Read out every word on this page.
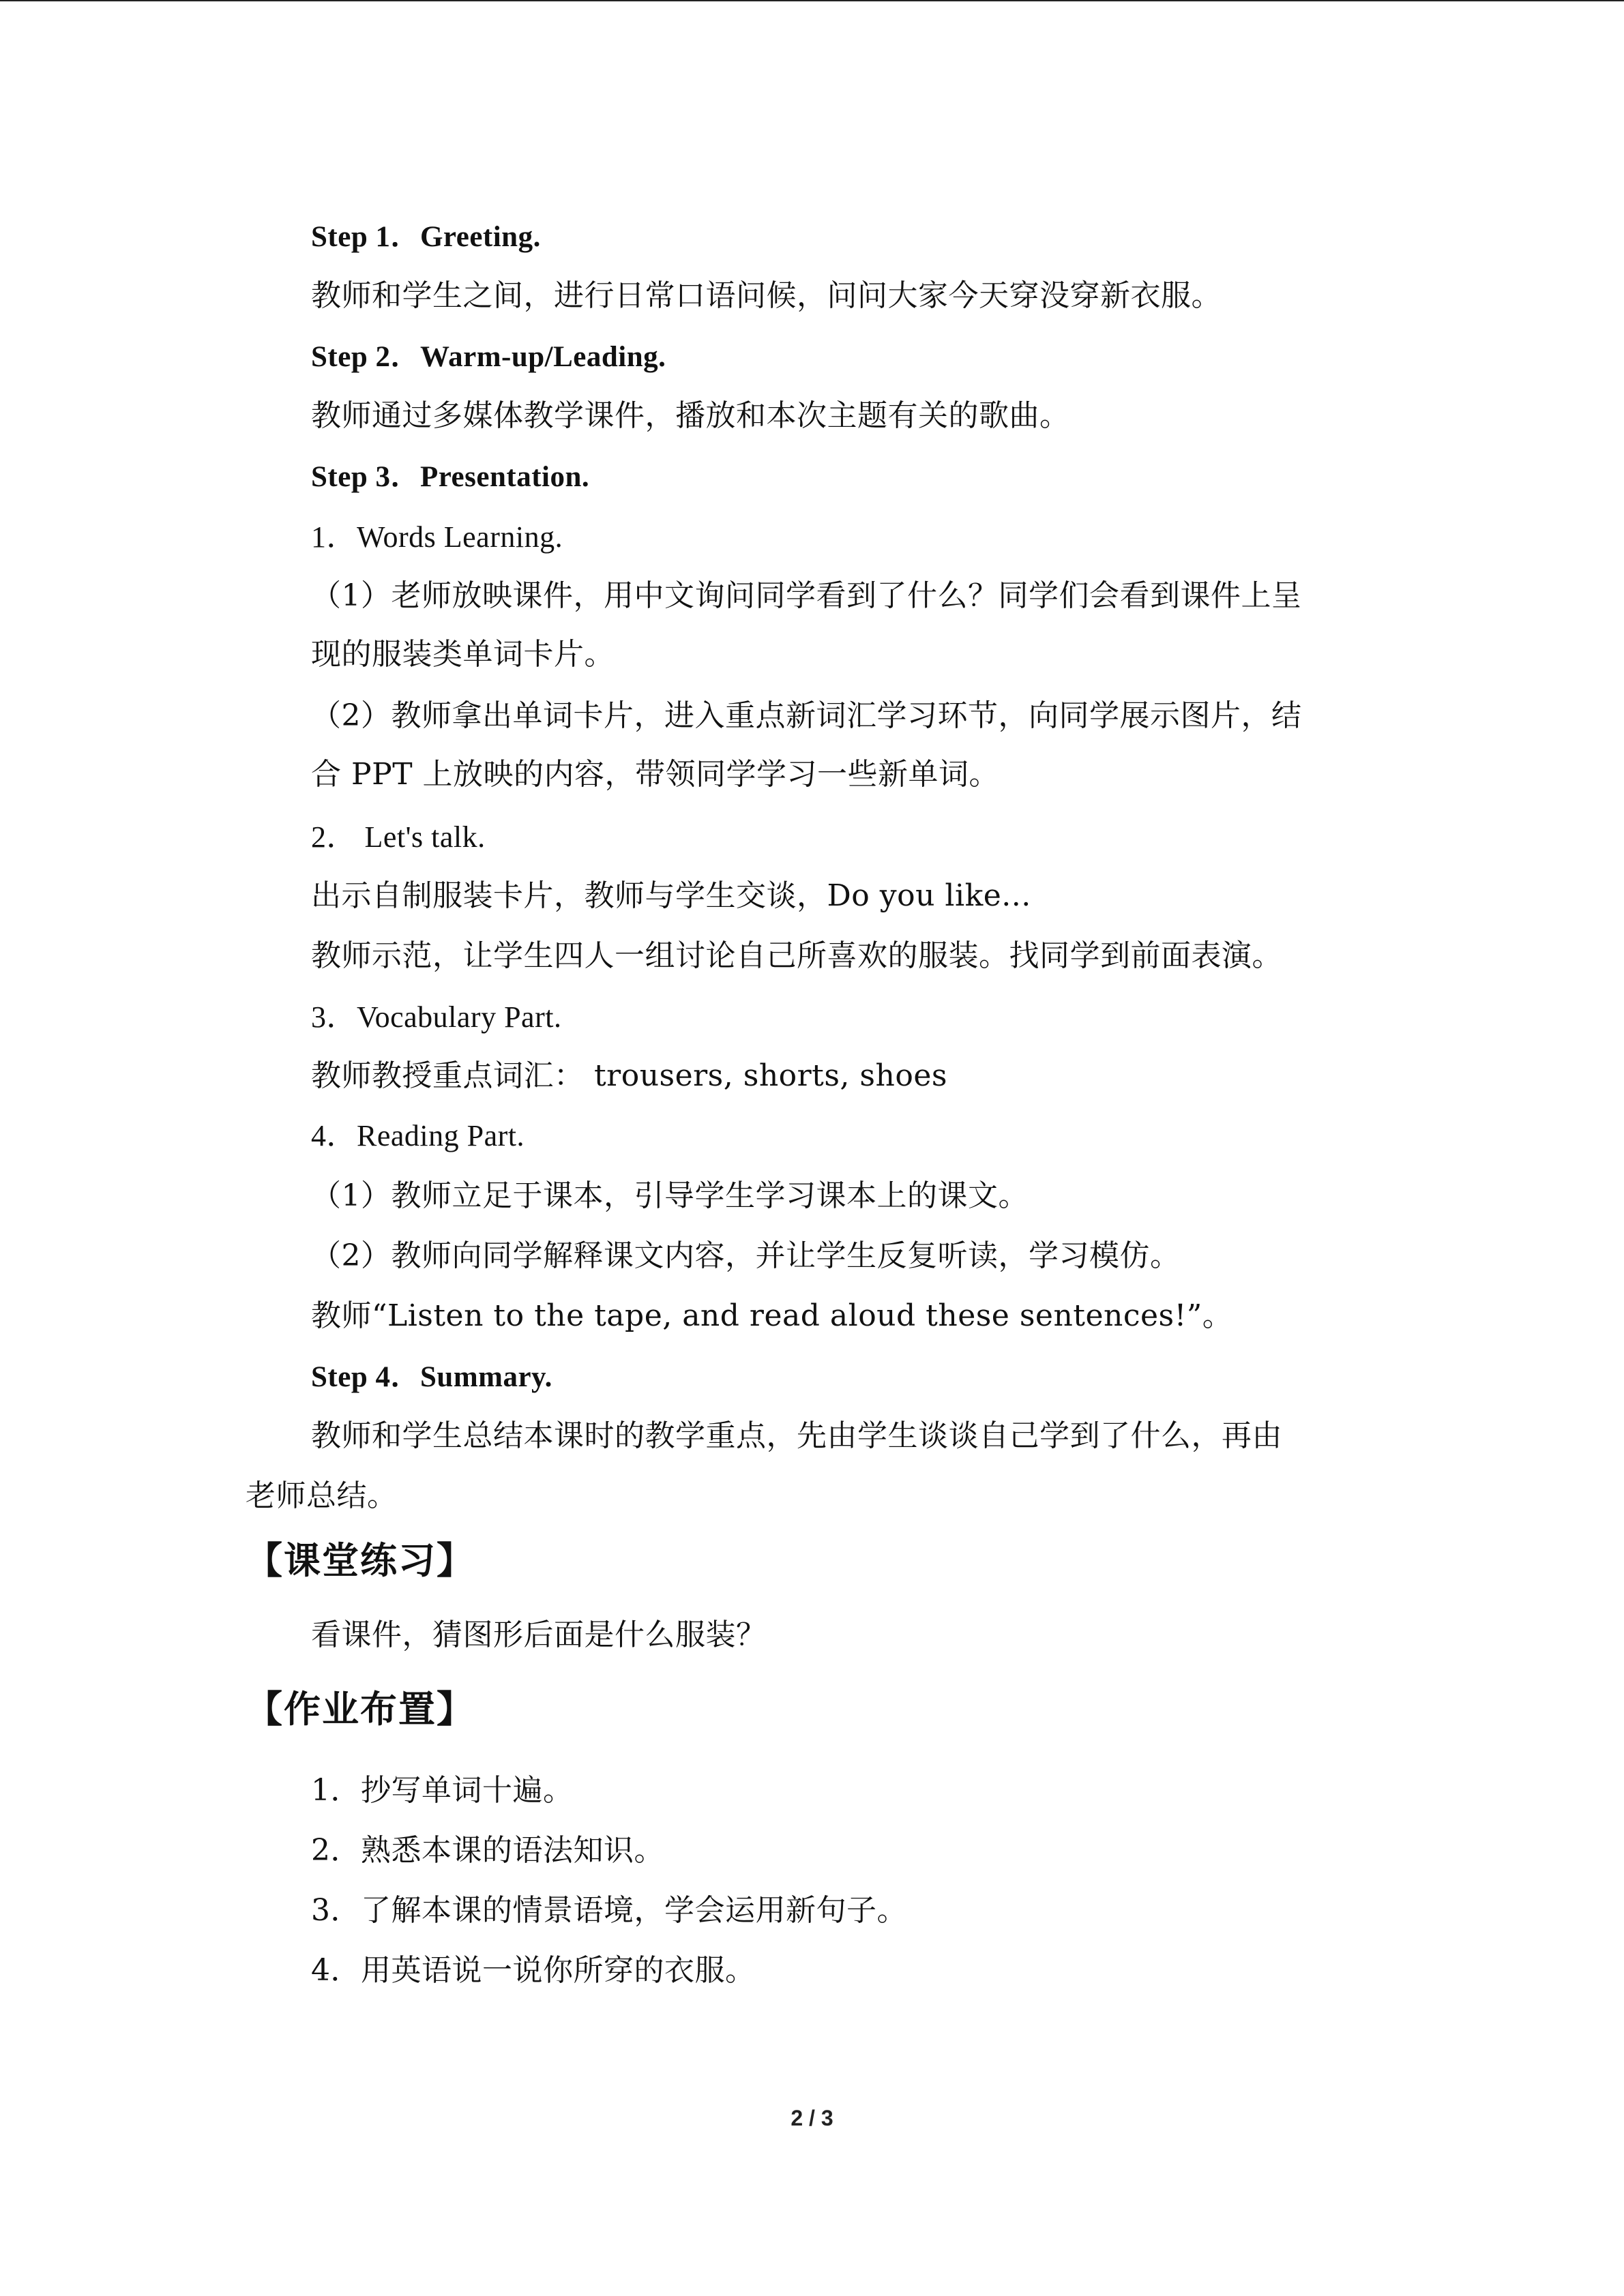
Step 1．Greeting.
教师和学生之间，进行日常口语问候，问问大家今天穿没穿新衣服。
Step 2．Warm-up/Leading.
教师通过多媒体教学课件，播放和本次主题有关的歌曲。
Step 3．Presentation.
1．Words Learning.
（1）老师放映课件，用中文询问同学看到了什么？同学们会看到课件上呈
现的服装类单词卡片。
（2）教师拿出单词卡片，进入重点新词汇学习环节，向同学展示图片，结
合 PPT 上放映的内容，带领同学学习一些新单词。
2． Let's talk.
出示自制服装卡片，教师与学生交谈，Do you like...
教师示范，让学生四人一组讨论自己所喜欢的服装。找同学到前面表演。
3．Vocabulary Part.
教师教授重点词汇： trousers, shorts, shoes
4．Reading Part.
（1）教师立足于课本，引导学生学习课本上的课文。
（2）教师向同学解释课文内容，并让学生反复听读，学习模仿。
教师“Listen to the tape, and read aloud these sentences!”。
Step 4．Summary.
教师和学生总结本课时的教学重点，先由学生谈谈自己学到了什么，再由
老师总结。
【课堂练习】
看课件，猜图形后面是什么服装？
【作业布置】
1．抄写单词十遍。
2．熟悉本课的语法知识。
3．了解本课的情景语境，学会运用新句子。
4．用英语说一说你所穿的衣服。
2 / 3
